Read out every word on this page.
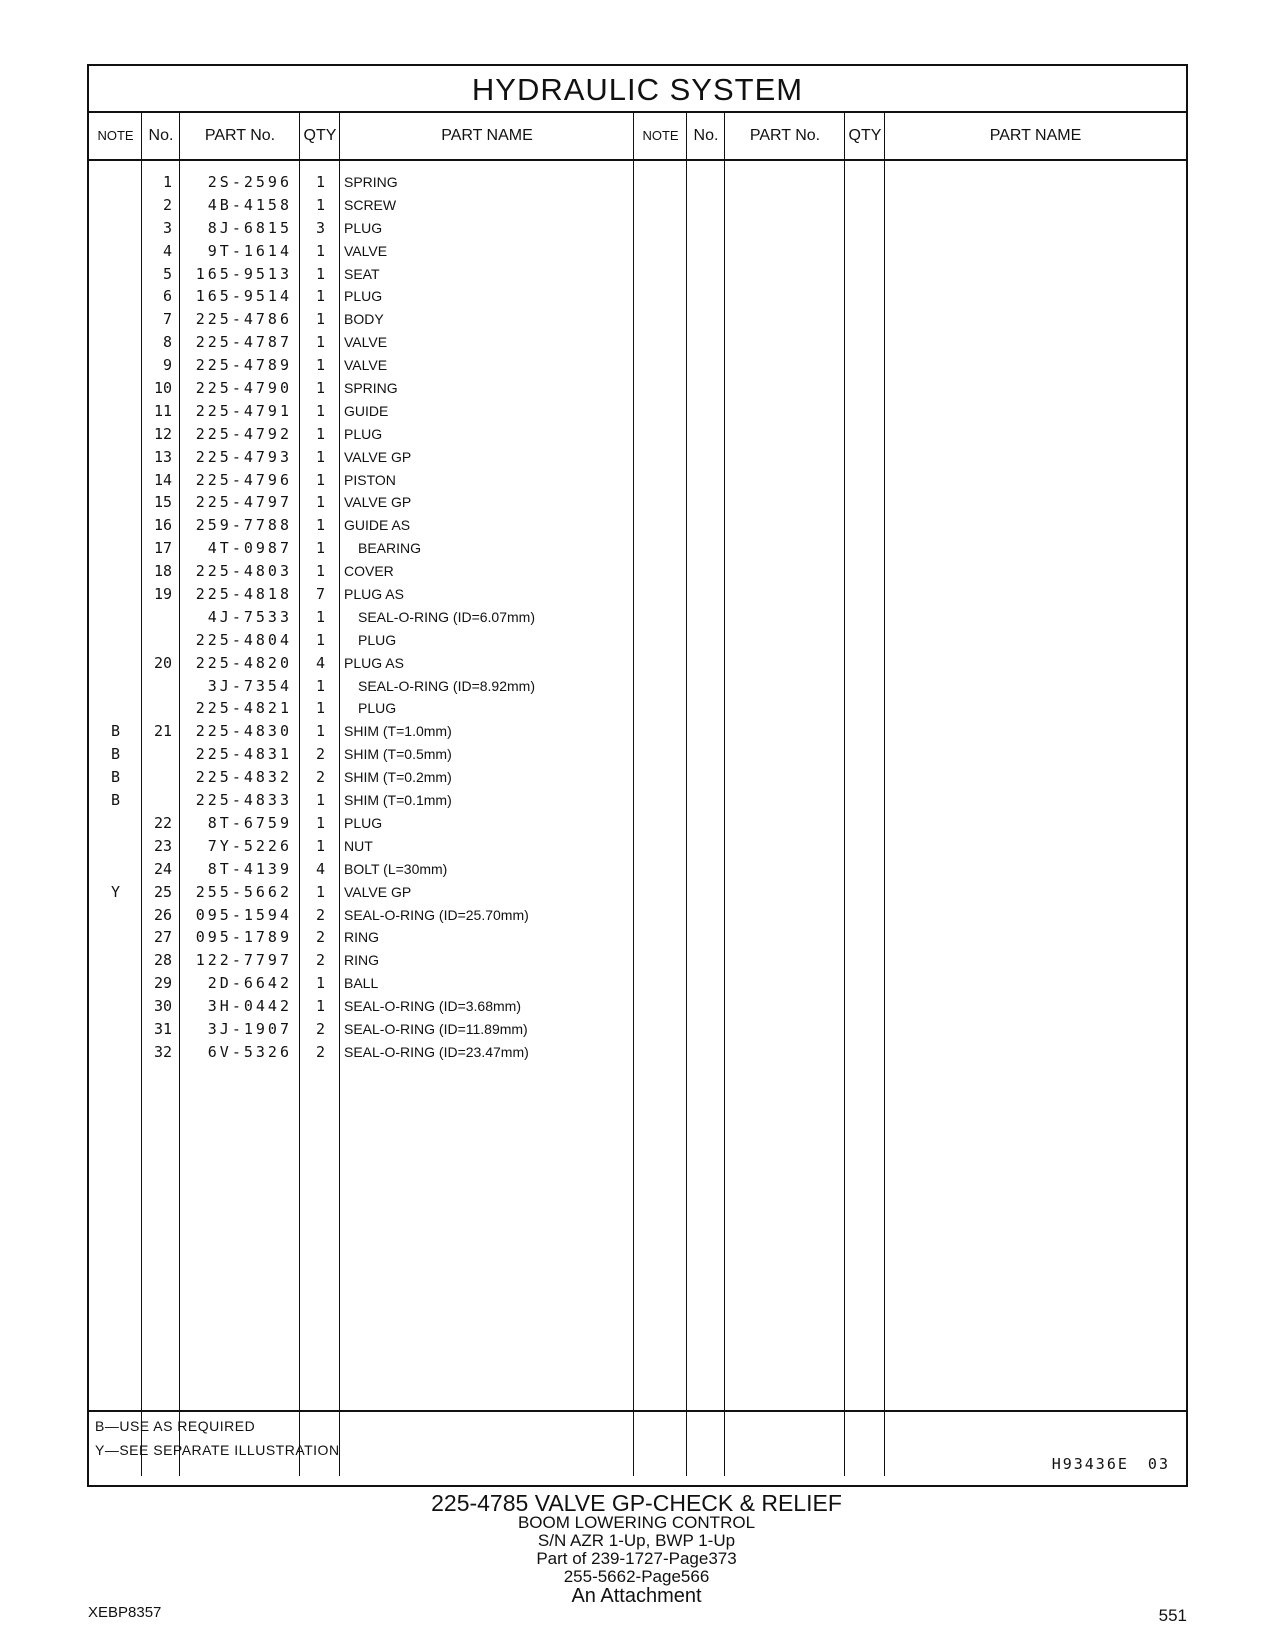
HYDRAULIC SYSTEM
NOTE No.	PART No.	QTY	PART NAME	NOTE No.	PART No.	QTY	PART NAME
1	2S-2596	1 SPRING
2	4B-4158	1 SCREW
3	8J-6815	3 PLUG
4	9T-1614	1 VALVE
5	165-9513	1 SEAT
6	165-9514	1 PLUG
7	225-4786	1 BODY
8	225-4787	1 VALVE
9	225-4789	1 VALVE
10	225-4790	1 SPRING
11	225-4791	1 GUIDE
12	225-4792	1 PLUG
13	225-4793	1 VALVE GP
14	225-4796	1 PISTON
15	225-4797	1 VALVE GP
16	259-7788	1 GUIDE AS
17	4T-0987	1 BEARING
18	225-4803	1 COVER
19	225-4818	7 PLUG AS
4J-7533	1 SEAL-O-RING (ID=6.07mm)
225-4804	1 PLUG
20	225-4820	4 PLUG AS
3J-7354	1 SEAL-O-RING (ID=8.92mm)
225-4821	1 PLUG
B	21	225-4830	1 SHIM (T=1.0mm)
B	225-4831	2 SHIM (T=0.5mm)
B	225-4832	2 SHIM (T=0.2mm)
B	225-4833	1 SHIM (T=0.1mm)
22	8T-6759	1 PLUG
23	7Y-5226	1 NUT
24	8T-4139	4 BOLT (L=30mm)
Y	25	255-5662	1 VALVE GP
26	095-1594	2 SEAL-O-RING (ID=25.70mm)
27	095-1789	2 RING
28	122-7797	2 RING
29	2D-6642	1 BALL
30	3H-0442	1 SEAL-O-RING (ID=3.68mm)
31	3J-1907	2 SEAL-O-RING (ID=11.89mm)
32	6V-5326	2 SEAL-O-RING (ID=23.47mm)
B—USE AS REQUIRED
Y—SEE SEPARATE ILLUSTRATION
H93436E 03
225-4785 VALVE GP-CHECK & RELIEF
BOOM LOWERING CONTROL
S/N AZR 1-Up, BWP 1-Up
Part of 239-1727-Page373
255-5662-Page566
An Attachment
XEBP8357	551
